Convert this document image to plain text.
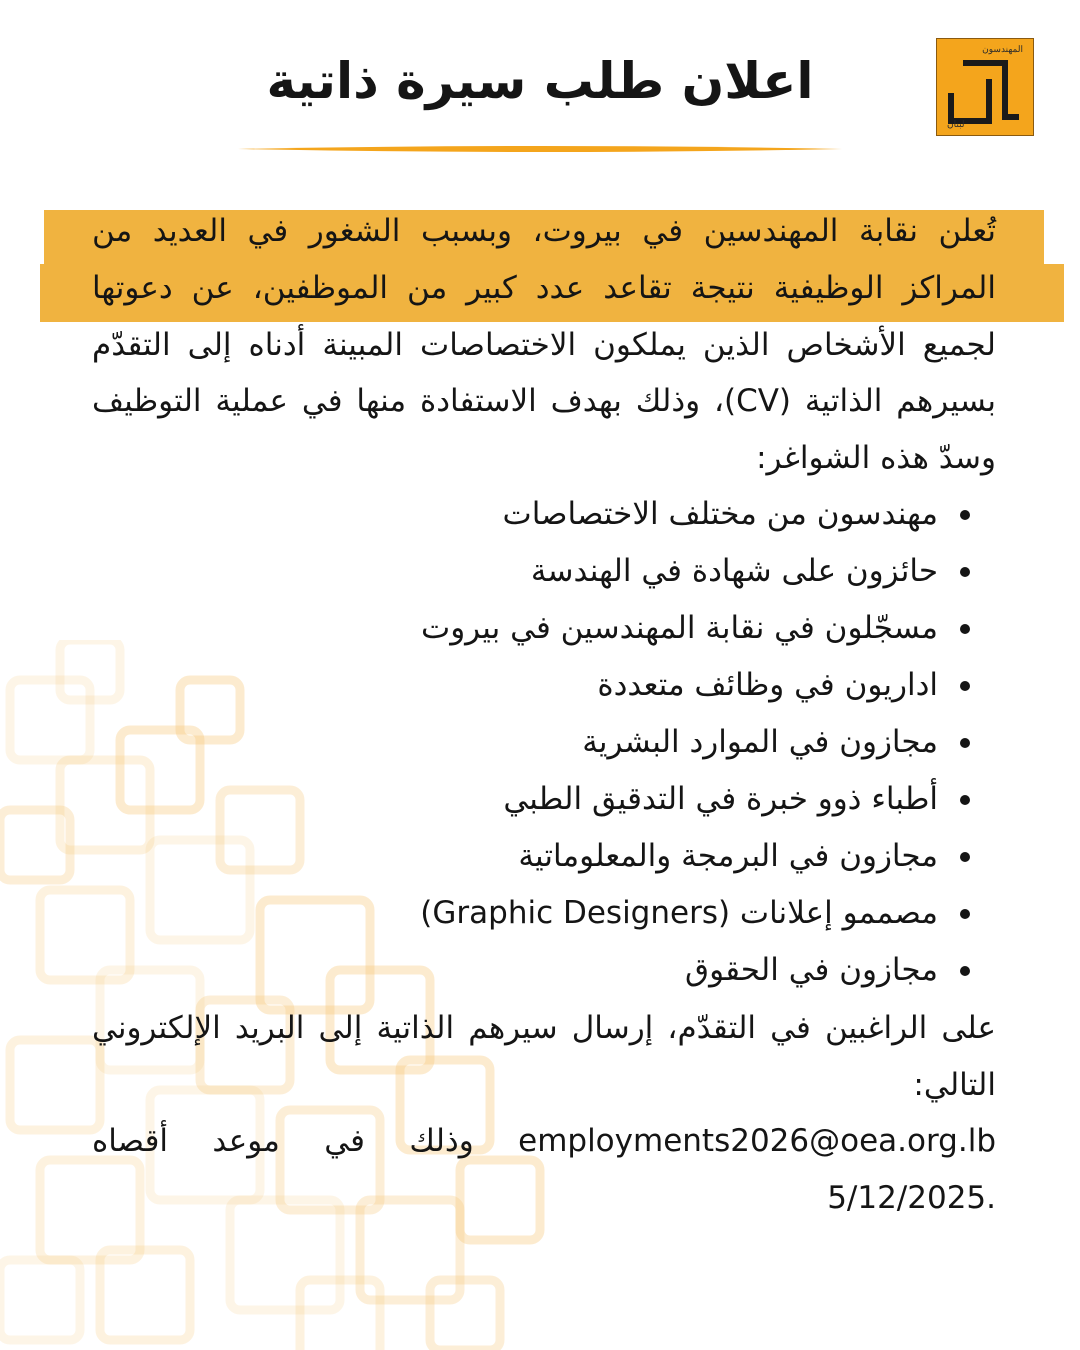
المهندسون
لبنان
اعلان طلب سيرة ذاتية

تُعلن نقابة المهندسين في بيروت، وبسبب الشغور في العديد من المراكز الوظيفية نتيجة تقاعد عدد كبير من الموظفين، عن دعوتها لجميع الأشخاص الذين يملكون الاختصاصات المبينة أدناه إلى التقدّم بسيرهم الذاتية (CV)، وذلك بهدف الاستفادة منها في عملية التوظيف وسدّ هذه الشواغر:

مهندسون من مختلف الاختصاصات
حائزون على شهادة في الهندسة
مسجّلون في نقابة المهندسين في بيروت
اداريون في وظائف متعددة
مجازون في الموارد البشرية
أطباء ذوو خبرة في التدقيق الطبي
مجازون في البرمجة والمعلوماتية
مصممو إعلانات (Graphic Designers)
مجازون في الحقوق

على الراغبين في التقدّم، إرسال سيرهم الذاتية إلى البريد الإلكتروني التالي:

employments2026@oea.org.lb وذلك في موعد أقصاه
5/12/2025.
